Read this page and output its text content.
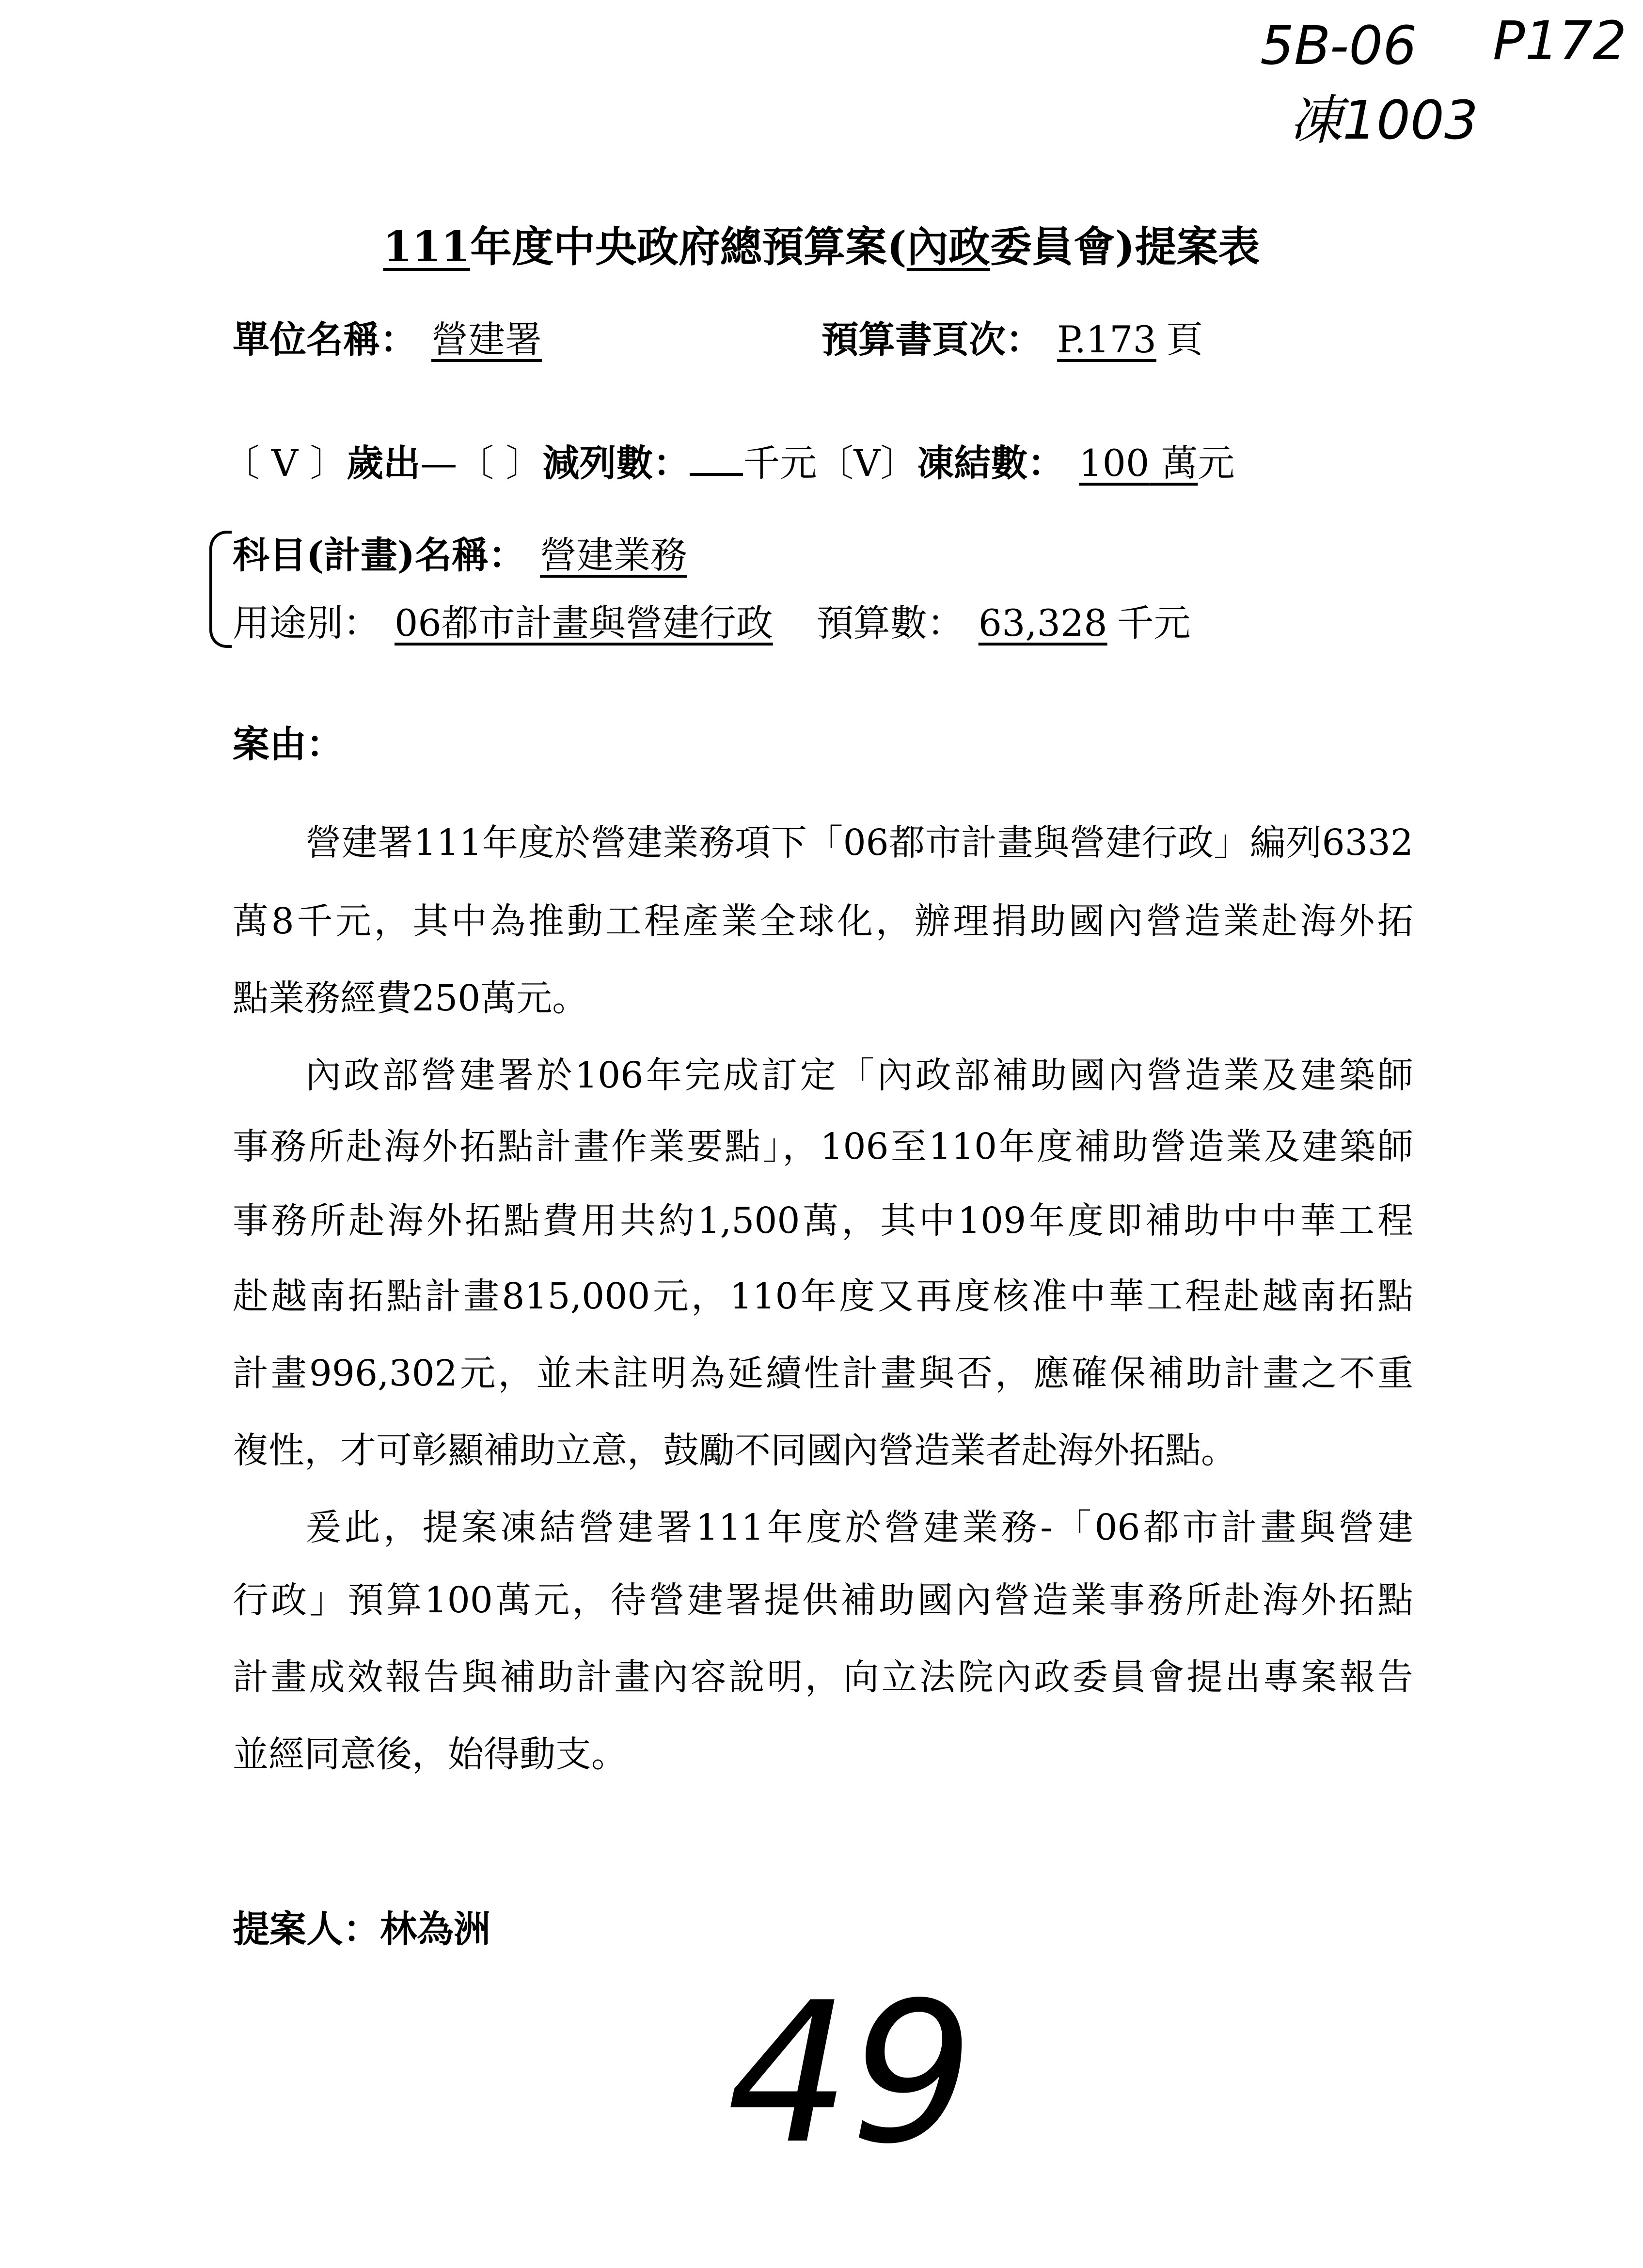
5B-06 P172
凍1003
111年度中央政府總預算案(內政委員會)提案表
單位名稱： 營建署	預算書頁次： P.173 頁
〔 V 〕歲出—〔 〕減列數： 千元〔V〕凍結數： 100 萬元
科目(計畫)名稱： 營建業務
用途別： 06都市計畫與營建行政 預算數： 63,328 千元
案由：
營建署111年度於營建業務項下「06都市計畫與營建行政」編列6332
萬8千元，其中為推動工程產業全球化，辦理捐助國內營造業赴海外拓
點業務經費250萬元。
內政部營建署於106年完成訂定「內政部補助國內營造業及建築師
事務所赴海外拓點計畫作業要點」，106至110年度補助營造業及建築師
事務所赴海外拓點費用共約1,500萬，其中109年度即補助中中華工程
赴越南拓點計畫815,000元，110年度又再度核准中華工程赴越南拓點
計畫996,302元，並未註明為延續性計畫與否，應確保補助計畫之不重
複性，才可彰顯補助立意，鼓勵不同國內營造業者赴海外拓點。
爰此，提案凍結營建署111年度於營建業務-「06都市計畫與營建
行政」預算100萬元，待營建署提供補助國內營造業事務所赴海外拓點
計畫成效報告與補助計畫內容說明，向立法院內政委員會提出專案報告
並經同意後，始得動支。
提案人：林為洲
49
